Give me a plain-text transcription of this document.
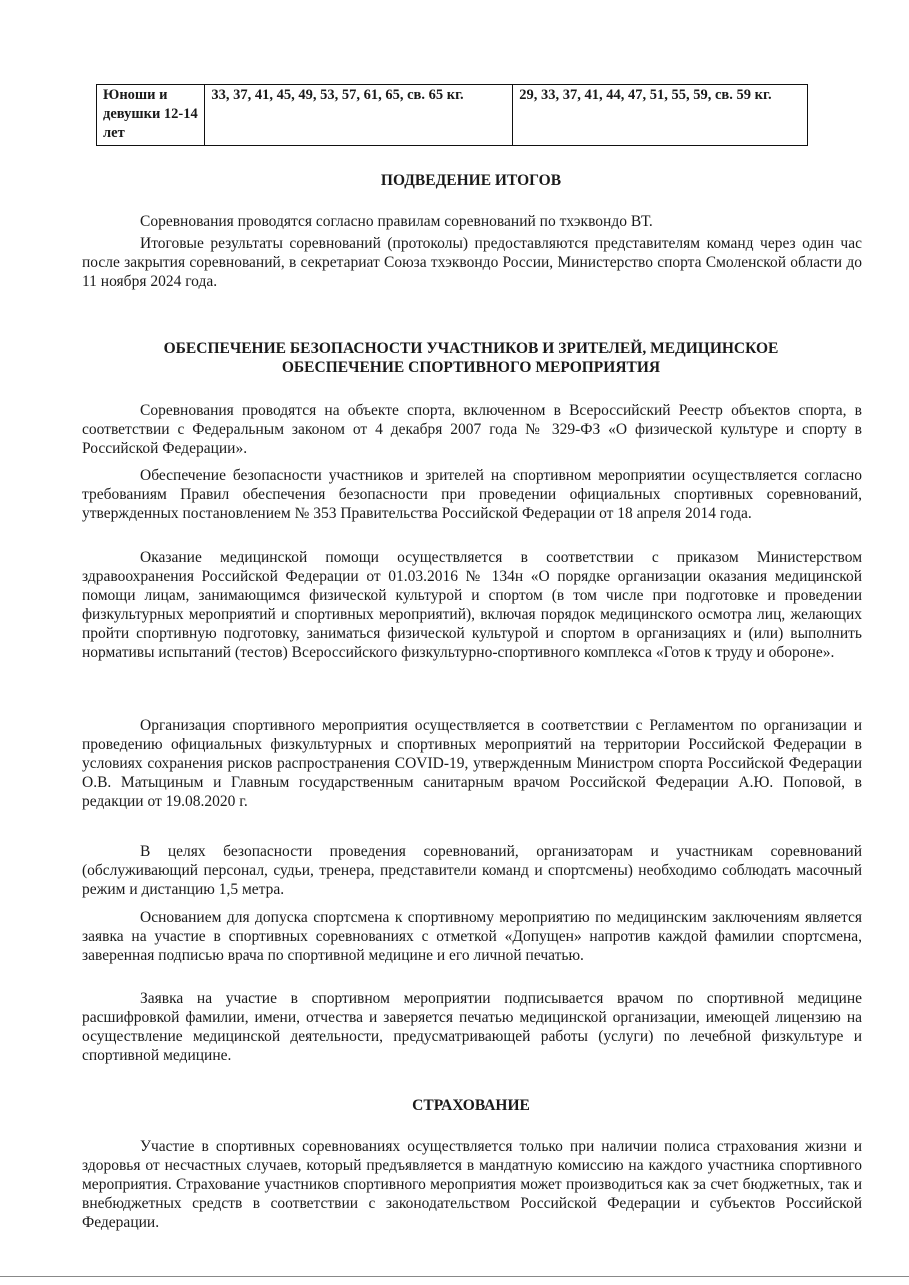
Юноши и девушки 12-14 лет	33, 37, 41, 45, 49, 53, 57, 61, 65, св. 65 кг.	29, 33, 37, 41, 44, 47, 51, 55, 59, св. 59 кг.
ПОДВЕДЕНИЕ ИТОГОВ
Соревнования проводятся согласно правилам соревнований по тхэквондо ВТ.
Итоговые результаты соревнований (протоколы) предоставляются представителям команд через один час после закрытия соревнований, в секретариат Союза тхэквондо России, Министерство спорта Смоленской области до 11 ноября 2024 года.
ОБЕСПЕЧЕНИЕ БЕЗОПАСНОСТИ УЧАСТНИКОВ И ЗРИТЕЛЕЙ, МЕДИЦИНСКОЕ
ОБЕСПЕЧЕНИЕ СПОРТИВНОГО МЕРОПРИЯТИЯ
Соревнования проводятся на объекте спорта, включенном в Всероссийский Реестр объектов спорта, в соответствии с Федеральным законом от 4 декабря 2007 года № 329-ФЗ «О физической культуре и спорту в Российской Федерации».
Обеспечение безопасности участников и зрителей на спортивном мероприятии осуществляется согласно требованиям Правил обеспечения безопасности при проведении официальных спортивных соревнований, утвержденных постановлением № 353 Правительства Российской Федерации от 18 апреля 2014 года.
Оказание медицинской помощи осуществляется в соответствии с приказом Министерством здравоохранения Российской Федерации от 01.03.2016 № 134н «О порядке организации оказания медицинской помощи лицам, занимающимся физической культурой и спортом (в том числе при подготовке и проведении физкультурных мероприятий и спортивных мероприятий), включая порядок медицинского осмотра лиц, желающих пройти спортивную подготовку, заниматься физической культурой и спортом в организациях и (или) выполнить нормативы испытаний (тестов) Всероссийского физкультурно-спортивного комплекса «Готов к труду и обороне».
Организация спортивного мероприятия осуществляется в соответствии с Регламентом по организации и проведению официальных физкультурных и спортивных мероприятий на территории Российской Федерации в условиях сохранения рисков распространения COVID-19, утвержденным Министром спорта Российской Федерации О.В. Матыциным и Главным государственным санитарным врачом Российской Федерации А.Ю. Поповой, в редакции от 19.08.2020 г.
В целях безопасности проведения соревнований, организаторам и участникам соревнований (обслуживающий персонал, судьи, тренера, представители команд и спортсмены) необходимо соблюдать масочный режим и дистанцию 1,5 метра.
Основанием для допуска спортсмена к спортивному мероприятию по медицинским заключениям является заявка на участие в спортивных соревнованиях с отметкой «Допущен» напротив каждой фамилии спортсмена, заверенная подписью врача по спортивной медицине и его личной печатью.
Заявка на участие в спортивном мероприятии подписывается врачом по спортивной медицине расшифровкой фамилии, имени, отчества и заверяется печатью медицинской организации, имеющей лицензию на осуществление медицинской деятельности, предусматривающей работы (услуги) по лечебной физкультуре и спортивной медицине.
СТРАХОВАНИЕ
Участие в спортивных соревнованиях осуществляется только при наличии полиса страхования жизни и здоровья от несчастных случаев, который предъявляется в мандатную комиссию на каждого участника спортивного мероприятия. Страхование участников спортивного мероприятия может производиться как за счет бюджетных, так и внебюджетных средств в соответствии с законодательством Российской Федерации и субъектов Российской Федерации.
